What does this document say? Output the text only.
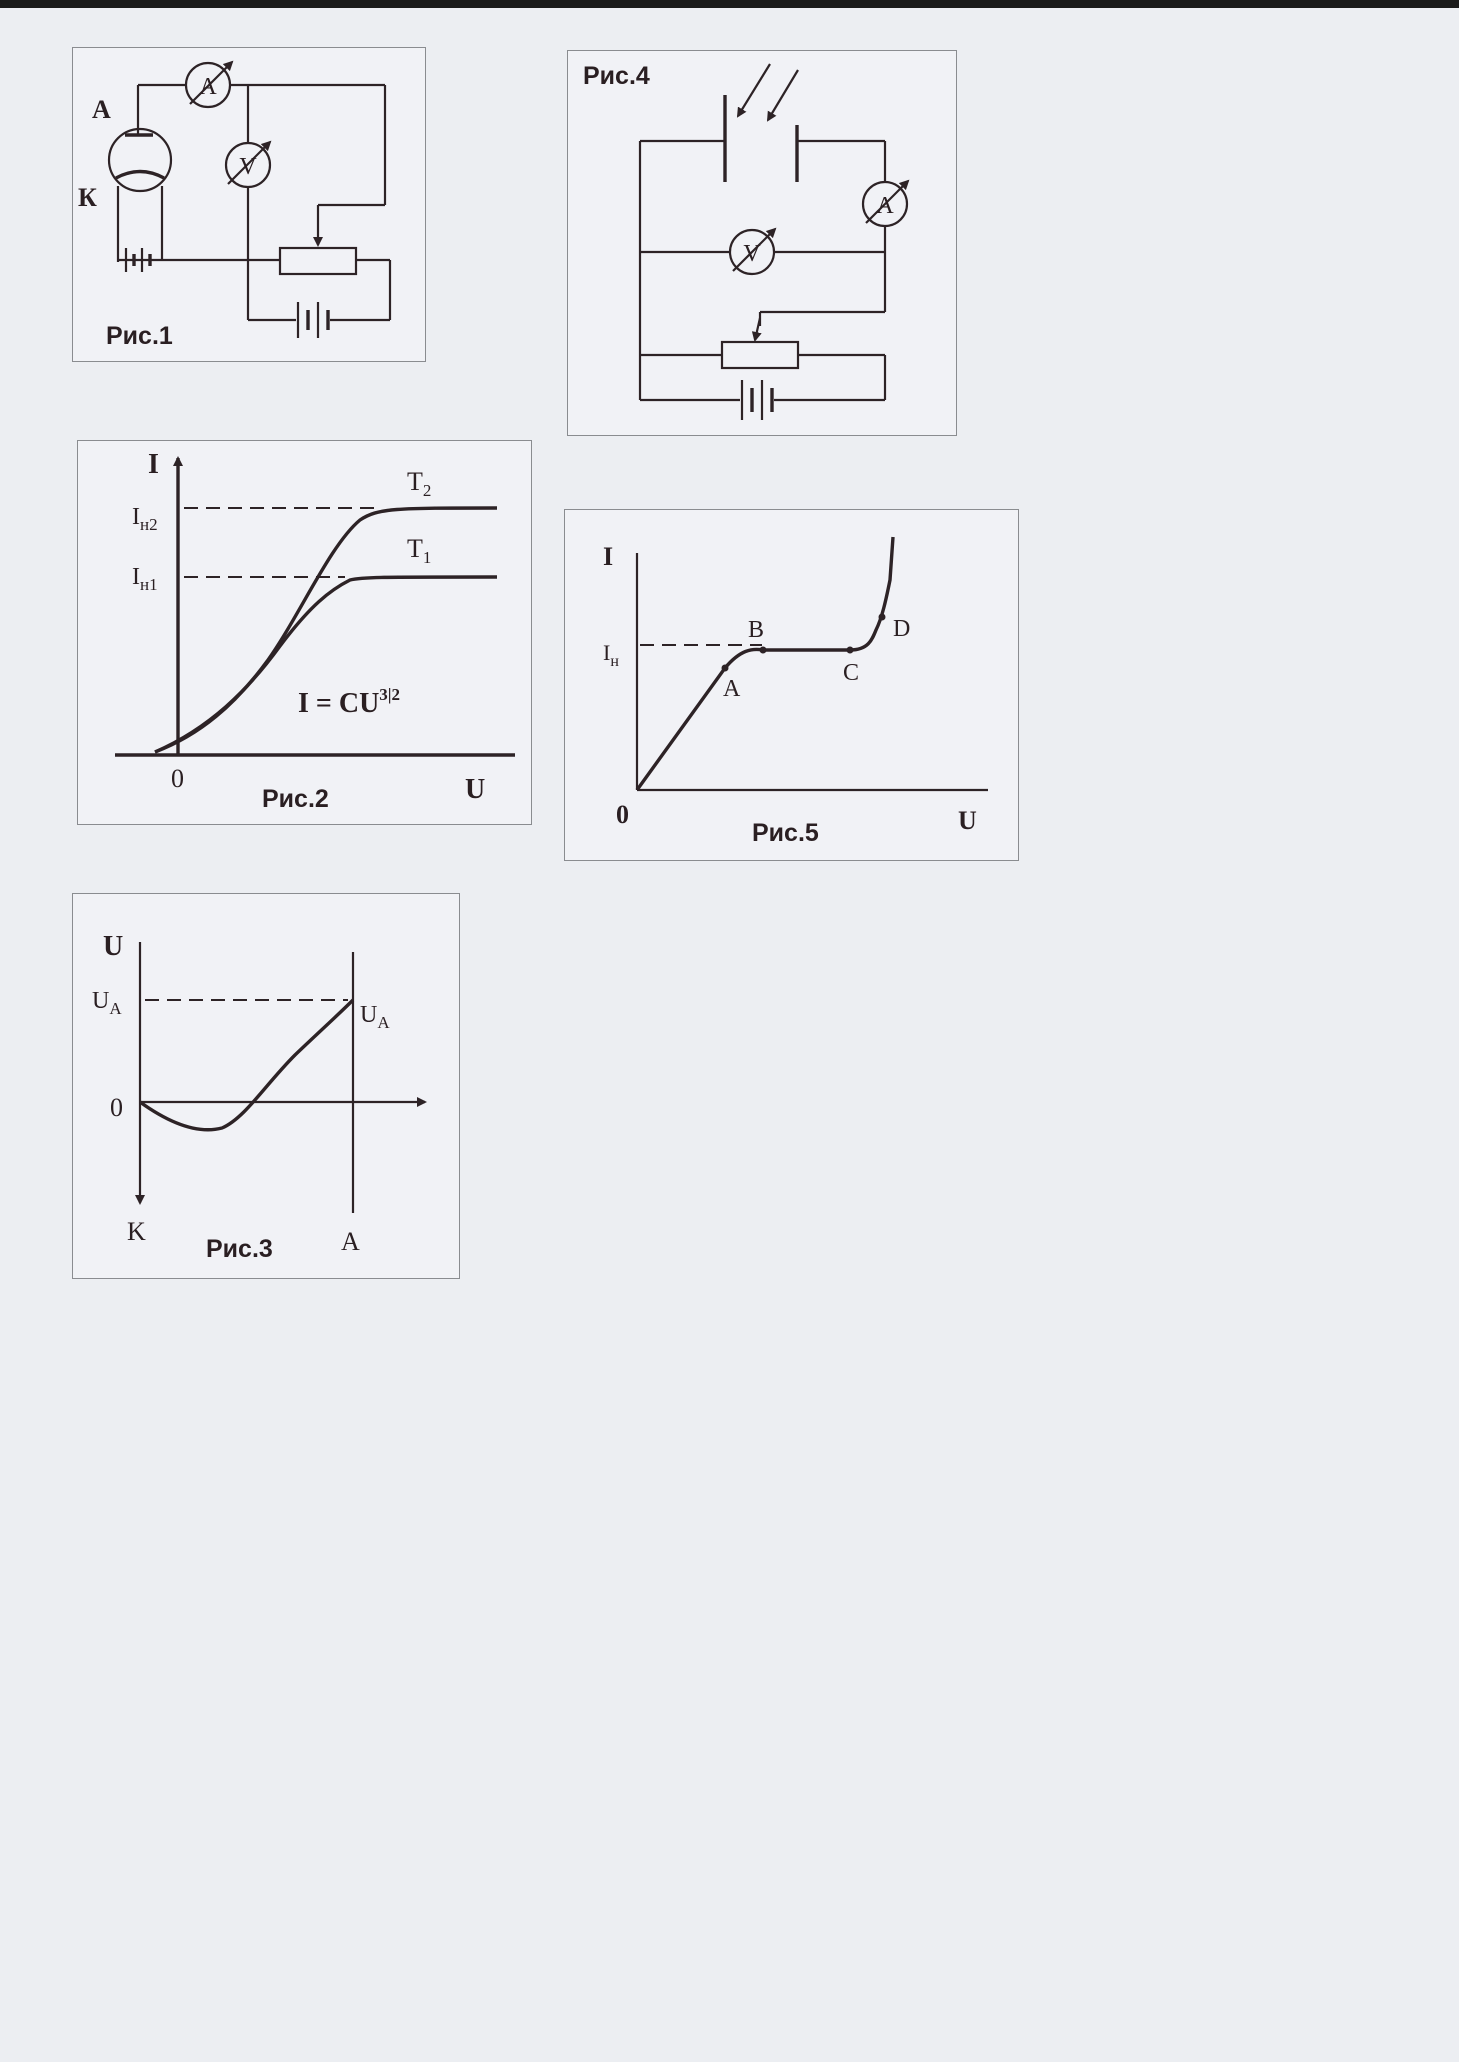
A
V
А
К
Рис.1
Рис.4
A
V
I
U
0
$I_{н2}$
$I_{н1}$
$T_2$
$T_1$
$I = CU^{3|2}$
Рис.2
I
U
0
$I_н$
A
B
C
D
Рис.5
U
$U_A$	$U_A$
0
K	A
Рис.3
